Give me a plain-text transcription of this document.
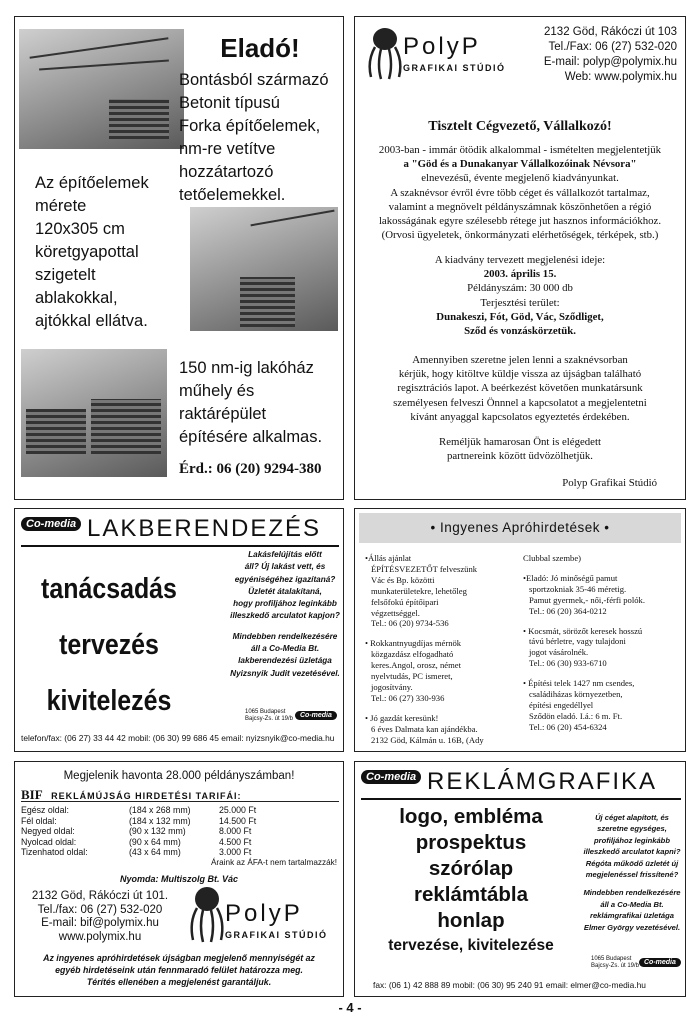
Eladó!
Bontásból származó
Betonit típusú
Forka építőelemek,
nm-re vetítve
hozzátartozó
tetőelemekkel.
Az építőelemek
mérete
120x305 cm
köretgyapottal
szigetelt
ablakokkal,
ajtókkal ellátva.
150 nm-ig lakóház
műhely és
raktárépület
építésére alkalmas.
Érd.: 06 (20) 9294-380
PolyP
GRAFIKAI STÚDIÓ
2132 Göd, Rákóczi út 103
Tel./Fax: 06 (27) 532-020
E-mail: polyp@polymix.hu
Web: www.polymix.hu
Tisztelt Cégvezető, Vállalkozó!
2003-ban - immár ötödik alkalommal - ismételten megjelentetjük
a "Göd és a Dunakanyar Vállalkozóinak Névsora"
elnevezésű, évente megjelenő kiadványunkat.
A szaknévsor évről évre több céget és vállalkozót tartalmaz,
valamint a megnövelt példányszámnak köszönhetően a régió
lakosságának egyre szélesebb rétege jut hasznos információkhoz.
(Orvosi ügyeletek, önkormányzati elérhetőségek, térképek, stb.)
A kiadvány tervezett megjelenési ideje:
2003. április 15.
Példányszám: 30 000 db
Terjesztési terület:
Dunakeszi, Fót, Göd, Vác, Sződliget,
Sződ és vonzáskörzetük.
Amennyiben szeretne jelen lenni a szaknévsorban
kérjük, hogy kitöltve küldje vissza az újságban található
regisztrációs lapot. A beérkezést követően munkatársunk
személyesen felveszi Önnnel a kapcsolatot a megjelentetni
kívánt anyaggal kapcsolatos egyeztetés érdekében.
Reméljük hamarosan Önt is elégedett
partnereink között üdvözölhetjük.
Polyp Grafikai Stúdió
Co-media LAKBERENDEZÉS
tanácsadás
tervezés
kivitelezés
Lakásfelújítás előtt
áll? Új lakást vett, és
egyéniségéhez igazítaná?
Üzletét átalakítaná,
hogy profiljához leginkább
illeszkedő arculatot kapjon?
Mindebben rendelkezésére
áll a Co-Media Bt.
lakberendezési üzletága
Nyizsnyik Judit vezetésével.
1065 Budapest
Bajcsy-Zs. út 19/b Co-media
telefon/fax: (06 27) 33 44 42 mobil: (06 30) 99 686 45 email: nyizsnyik@co-media.hu
• Ingyenes Apróhirdetések •
•Állás ajánlat
ÉPÍTÉSVEZETŐT felveszünk
Vác és Bp. közötti
munkaterületekre, lehetőleg
felsőfokú építőipari
végzettséggel.
Tel.: 06 (20) 9734-536
• Rokkantnyugdíjas mérnök
közgazdász elfogadható
keres.Angol, orosz, német
nyelvtudás, PC ismeret,
jogosítvány.
Tel.: 06 (27) 330-936
• Jó gazdát keresünk!
6 éves Dalmata kan ajándékba.
2132 Göd, Kálmán u. 16B, (Ady
Clubbal szembe)
•Eladó: Jó minőségű pamut
sportzokniak 35-46 méretig.
Pamut gyermek,- női,-férfi polók.
Tel.: 06 (20) 364-0212
• Kocsmát, sörözőt keresek hosszú
távú bérletre, vagy tulajdoni
jogot vásárolnék.
Tel.: 06 (30) 933-6710
• Építési telek 1427 nm csendes,
családiházas környezetben,
építési engedéllyel
Sződön eladó. I.á.: 6 m. Ft.
Tel.: 06 (20) 454-6324
Megjelenik havonta 28.000 példányszámban!
BIF REKLÁMÚJSÁG HIRDETÉSI TARIFÁI:
Egész oldal:	(184 x 268 mm)	25.000 Ft
Fél oldal:	(184 x 132 mm)	14.500 Ft
Negyed oldal:	(90 x 132 mm)	8.000 Ft
Nyolcad oldal:	(90 x 64 mm)	4.500 Ft
Tizenhatod oldal:	(43 x 64 mm)	3.000 Ft
Áraink az ÁFA-t nem tartalmazzák!
Nyomda: Multiszolg Bt. Vác
2132 Göd, Rákóczi út 101.
Tel./fax: 06 (27) 532-020
E-mail: bif@polymix.hu
www.polymix.hu
PolyP
GRAFIKAI STÚDIÓ
Az ingyenes apróhirdetések újságban megjelenő mennyiségét az
egyéb hirdetéseink után fennmaradó felület határozza meg.
Térítés ellenében a megjelenést garantáljuk.
Co-media REKLÁMGRAFIKA
logo, embléma
prospektus
szórólap
reklámtábla
honlap
tervezése, kivitelezése
Új céget alapított, és
szeretne egységes,
profiljához leginkább
illeszkedő arculatot kapni?
Régóta működő üzletét új
megjelenéssel frissítené?
Mindebben rendelkezésére
áll a Co-Media Bt.
reklámgrafikai üzletága
Elmer György vezetésével.
1065 Budapest
Bajcsy-Zs. út 19/b Co-media
fax: (06 1) 42 888 89 mobil: (06 30) 95 240 91 email: elmer@co-media.hu
- 4 -
